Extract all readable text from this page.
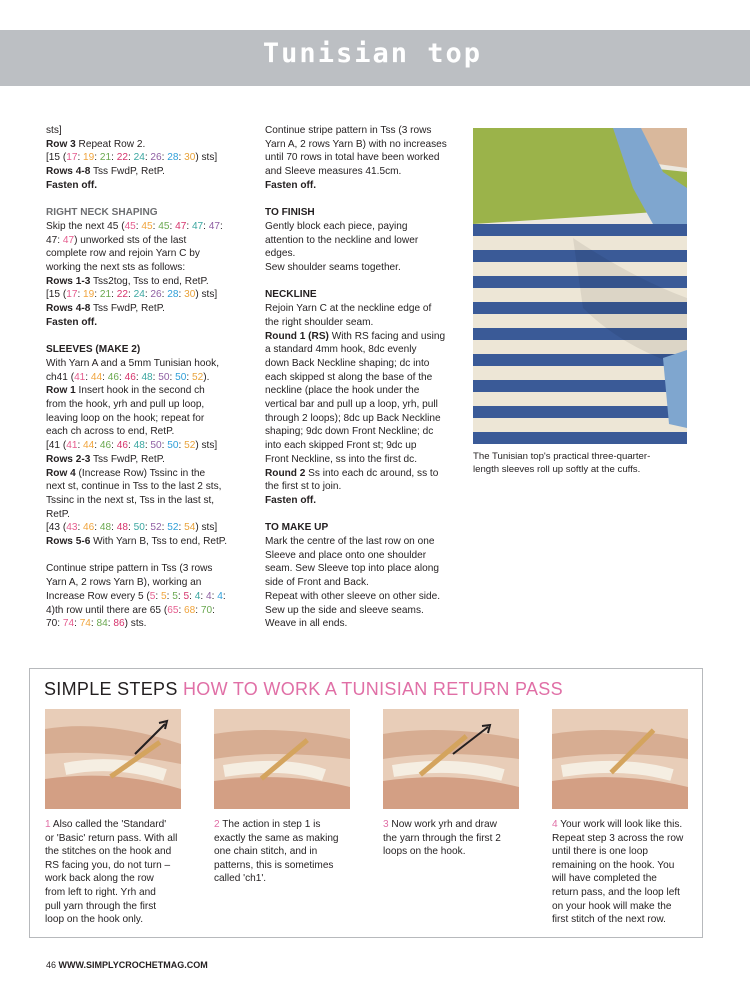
Tunisian top

sts]

Row 3 Repeat Row 2.

[15 (17: 19: 21: 22: 24: 26: 28: 30) sts]

Rows 4-8 Tss FwdP, RetP.

Fasten off.

RIGHT NECK SHAPING

Skip the next 45 (45: 45: 45: 47: 47: 47:

47: 47) unworked sts of the last

complete row and rejoin Yarn C by

working the next sts as follows:

Rows 1-3 Tss2tog, Tss to end, RetP.

[15 (17: 19: 21: 22: 24: 26: 28: 30) sts]

Rows 4-8 Tss FwdP, RetP.

Fasten off.

SLEEVES (MAKE 2)

With Yarn A and a 5mm Tunisian hook,

ch41 (41: 44: 46: 46: 48: 50: 50: 52).

Row 1 Insert hook in the second ch

from the hook, yrh and pull up loop,

leaving loop on the hook; repeat for

each ch across to end, RetP.

[41 (41: 44: 46: 46: 48: 50: 50: 52) sts]

Rows 2-3 Tss FwdP, RetP.

Row 4 (Increase Row) Tssinc in the

next st, continue in Tss to the last 2 sts,

Tssinc in the next st, Tss in the last st,

RetP.

[43 (43: 46: 48: 48: 50: 52: 52: 54) sts]

Rows 5-6 With Yarn B, Tss to end, RetP.

Continue stripe pattern in Tss (3 rows

Yarn A, 2 rows Yarn B), working an

Increase Row every 5 (5: 5: 5: 5: 4: 4: 4:

4)th row until there are 65 (65: 68: 70:

70: 74: 74: 84: 86) sts.

Continue stripe pattern in Tss (3 rows

Yarn A, 2 rows Yarn B) with no increases

until 70 rows in total have been worked

and Sleeve measures 41.5cm.

Fasten off.

TO FINISH

Gently block each piece, paying

attention to the neckline and lower

edges.

Sew shoulder seams together.

NECKLINE

Rejoin Yarn C at the neckline edge of

the right shoulder seam.

Round 1 (RS) With RS facing and using

a standard 4mm hook, 8dc evenly

down Back Neckline shaping; dc into

each skipped st along the base of the

neckline (place the hook under the

vertical bar and pull up a loop, yrh, pull

through 2 loops); 8dc up Back Neckline

shaping; 9dc down Front Neckline; dc

into each skipped Front st; 9dc up

Front Neckline, ss into the first dc.

Round 2 Ss into each dc around, ss to

the first st to join.

Fasten off.

TO MAKE UP

Mark the centre of the last row on one

Sleeve and place onto one shoulder

seam. Sew Sleeve top into place along

side of Front and Back.

Repeat with other sleeve on other side.

Sew up the side and sleeve seams.

Weave in all ends.

The Tunisian top's practical three-quarter-
length sleeves roll up softly at the cuffs.
SIMPLE STEPS HOW TO WORK A TUNISIAN RETURN PASS
1 Also called the 'Standard'
or 'Basic' return pass. With all
the stitches on the hook and
RS facing you, do not turn –
work back along the row
from left to right. Yrh and
pull yarn through the first
loop on the hook only.
2 The action in step 1 is
exactly the same as making
one chain stitch, and in
patterns, this is sometimes
called 'ch1'.
3 Now work yrh and draw
the yarn through the first 2
loops on the hook.
4 Your work will look like this.
Repeat step 3 across the row
until there is one loop
remaining on the hook. You
will have completed the
return pass, and the loop left
on your hook will make the
first stitch of the next row.
46 WWW.SIMPLYCROCHETMAG.COM
